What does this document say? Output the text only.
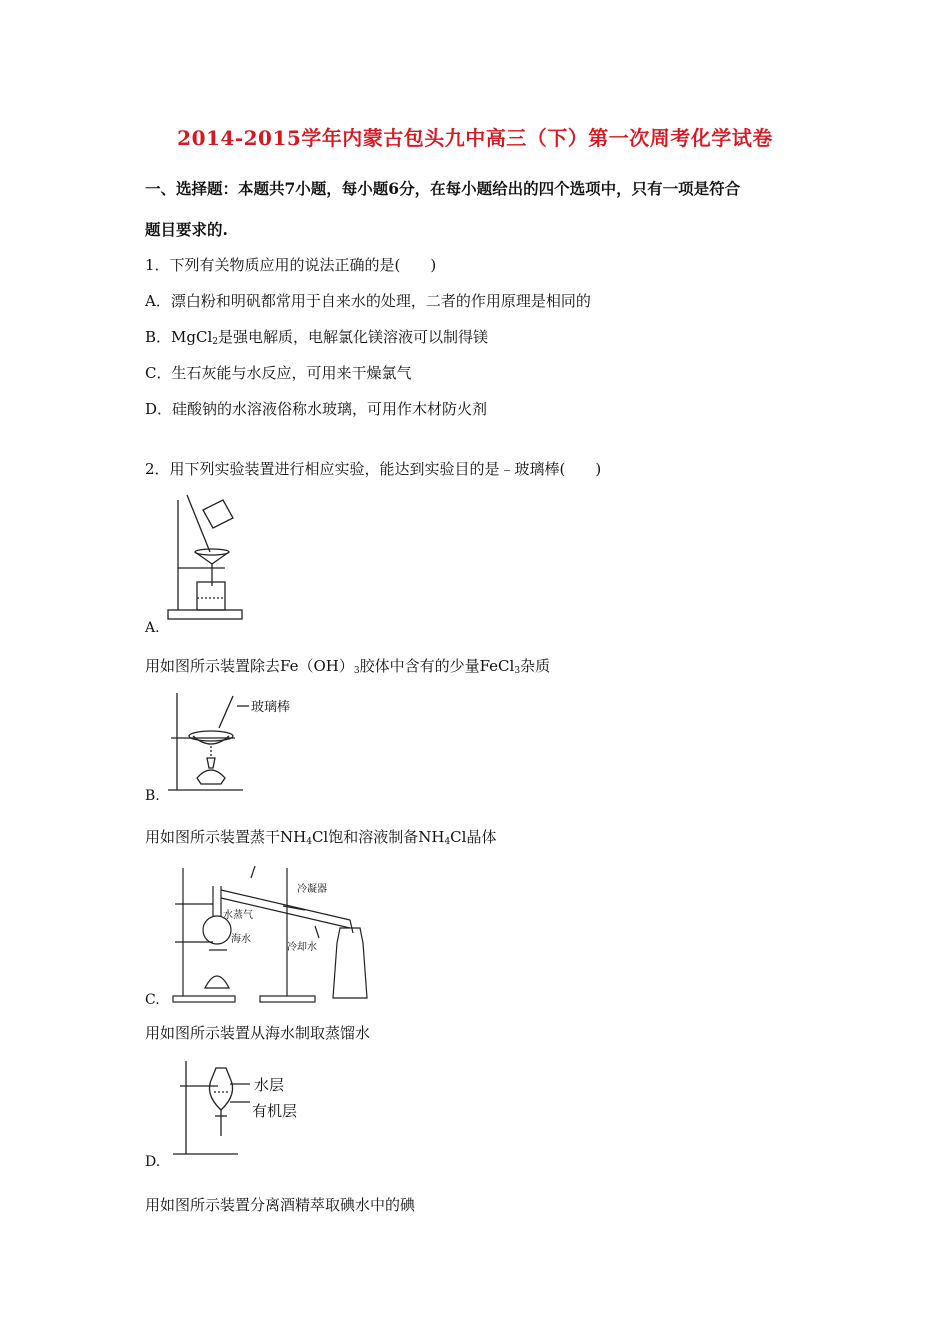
2014-2015学年内蒙古包头九中高三（下）第一次周考化学试卷
一、选择题：本题共7小题，每小题6分，在每小题给出的四个选项中，只有一项是符合
题目要求的.
1．下列有关物质应用的说法正确的是(　　)
A．漂白粉和明矾都常用于自来水的处理，二者的作用原理是相同的
B．MgCl$_2$是强电解质，电解氯化镁溶液可以制得镁
C．生石灰能与水反应，可用来干燥氯气
D．硅酸钠的水溶液俗称水玻璃，可用作木材防火剂
2．用下列实验装置进行相应实验，能达到实验目的是﹣玻璃棒(　　)
A.
用如图所示装置除去$Fe(OH)_3$胶体中含有的少量FeCl$_3$杂质
玻璃棒
B.
用如图所示装置蒸干$NH_4Cl$饱和溶液制备$NH_4Cl$晶体
冷凝器
水蒸气
海水
冷却水
C.
用如图所示装置从海水制取蒸馏水
水层
有机层
D.
用如图所示装置分离酒精萃取碘水中的碘
